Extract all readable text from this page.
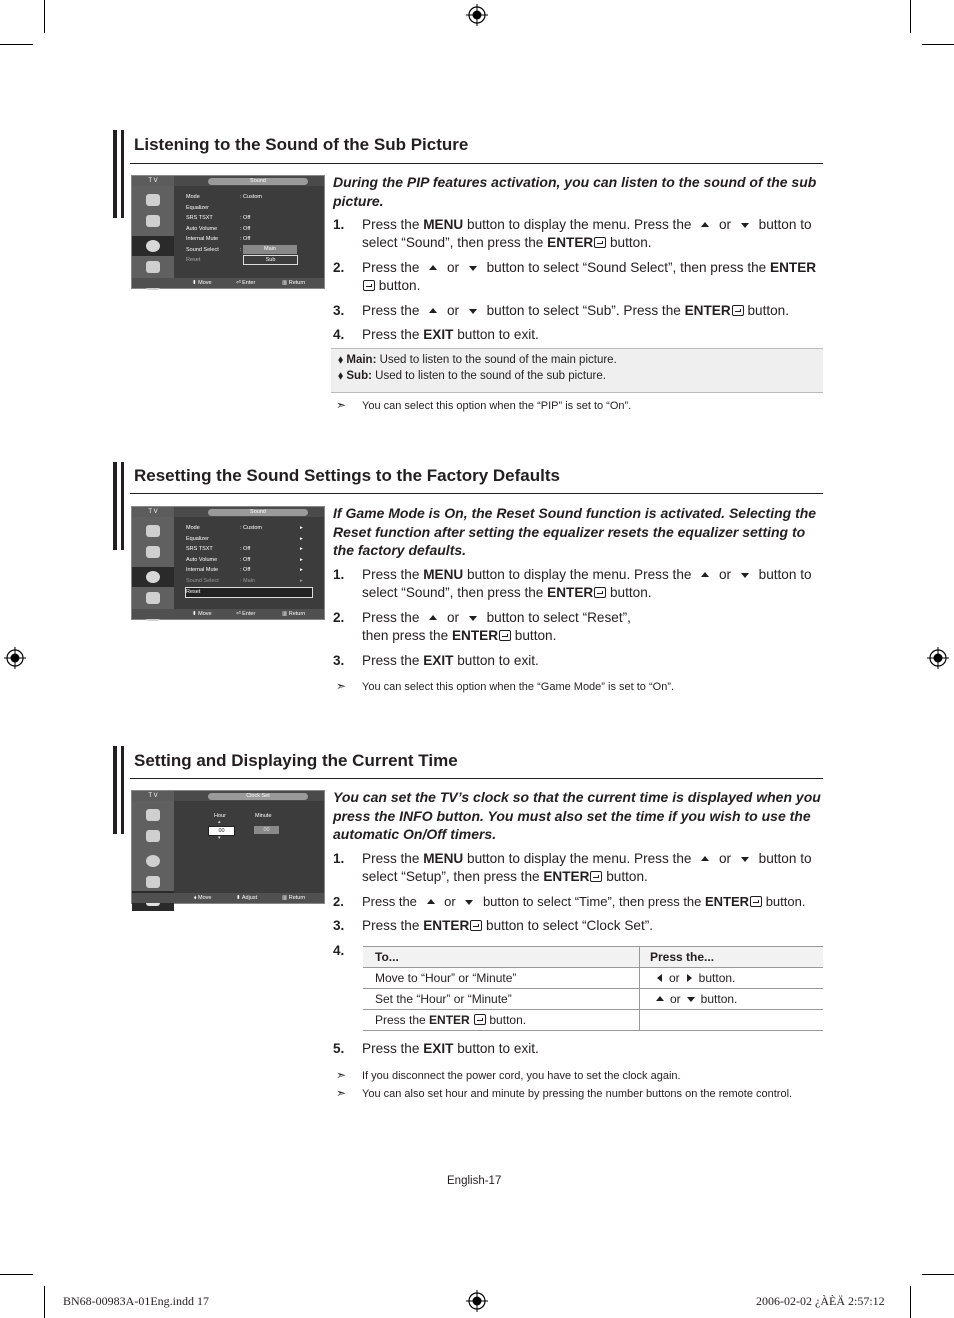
Listening to the Sound of the Sub Picture
T V	Sound
Mode	: Custom
Equalizer
SRS TSXT	: Off
Auto Volume	: Off
Internal Mute	: Off
Sound Select	:
Reset
Main
Sub
⬍ Move	⏎ Enter	▥ Return
During the PIP features activation, you can listen to the sound of the sub picture.
1. Press the MENU button to display the menu. Press the  or  button to select “Sound”, then press the ENTER button.
2. Press the  or  button to select “Sound Select”, then press the ENTER button.
3. Press the  or  button to select “Sub”. Press the ENTER button.
4. Press the EXIT button to exit.
⬧ Main: Used to listen to the sound of the main picture.
⬧ Sub: Used to listen to the sound of the sub picture.
➣ You can select this option when the “PIP” is set to “On”.
Resetting the Sound Settings to the Factory Defaults
T V	Sound
Mode	: Custom	▸
Equalizer	▸
SRS TSXT	: Off	▸
Auto Volume	: Off	▸
Internal Mute	: Off	▸
Sound Select	: Main	▸
Reset
⬍ Move	⏎ Enter	▥ Return
If Game Mode is On, the Reset Sound function is activated. Selecting the Reset function after setting the equalizer resets the equalizer setting to the factory defaults.
1. Press the MENU button to display the menu. Press the  or  button to select “Sound”, then press the ENTER button.
2. Press the  or  button to select “Reset”,
then press the ENTER button.
3. Press the EXIT button to exit.
➣ You can select this option when the “Game Mode” is set to “On”.
Setting and Displaying the Current Time
T V	Clock Set
Hour	Minute
▴
00
▾
00
⬧ Move	⬍ Adjust	▥ Return
You can set the TV’s clock so that the current time is displayed when you press the INFO button. You must also set the time if you wish to use the automatic On/Off timers.
1. Press the MENU button to display the menu. Press the  or  button to select “Setup”, then press the ENTER button.
2. Press the  or  button to select “Time”, then press the ENTER button.
3. Press the ENTER button to select “Clock Set”.
4.	To...	Press the...
Move to “Hour” or “Minute”	or button.
Set the “Hour” or “Minute”	or button.
Press the ENTER  button.	
5. Press the EXIT button to exit.
➣ If you disconnect the power cord, you have to set the clock again.
➣ You can also set hour and minute by pressing the number buttons on the remote control.
English-17
BN68-00983A-01Eng.indd 17	2006-02-02 ¿ÀÈÄ 2:57:12
